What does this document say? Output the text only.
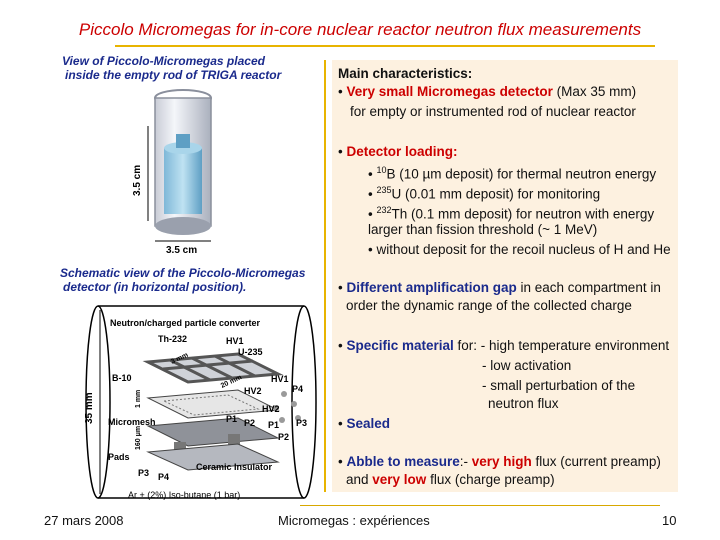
Piccolo Micromegas for in-core nuclear reactor neutron flux measurements
View of Piccolo-Micromegas placed
inside the empty rod of TRIGA reactor
3.5 cm
3.5 cm
Schematic view of the Piccolo-Micromegas
detector (in horizontal position).
35 mm
Neutron/charged particle converter
Th-232	HV1
U-235
3 mm
B-10	20 mm
HV2
HV1
P4
1 mm
HV2
Micromesh	P1 P2 P1 P3
P2
160 μm
Pads
P3 P4
Ceramic Insulator
Ar + (2%) Iso-butane (1 bar)
Main characteristics:
• Very small Micromegas detector (Max 35 mm)
for empty or instrumented rod of nuclear reactor
• Detector loading:
• $^{10}$B (10 µm deposit) for thermal neutron energy
• $^{235}$U (0.01 mm deposit) for monitoring
• $^{232}$Th (0.1 mm deposit) for neutron with energy
larger than fission threshold (~ 1 MeV)
• without deposit for the recoil nucleus of H and He
• Different amplification gap in each compartment in
order the dynamic range of the collected charge
• Specific material for: - high temperature environment
- low activation
- small perturbation of the
neutron flux
• Sealed
• Abble to measure:- very high flux (current preamp)
and very low flux (charge preamp)
27 mars 2008	Micromegas : expériences	10
